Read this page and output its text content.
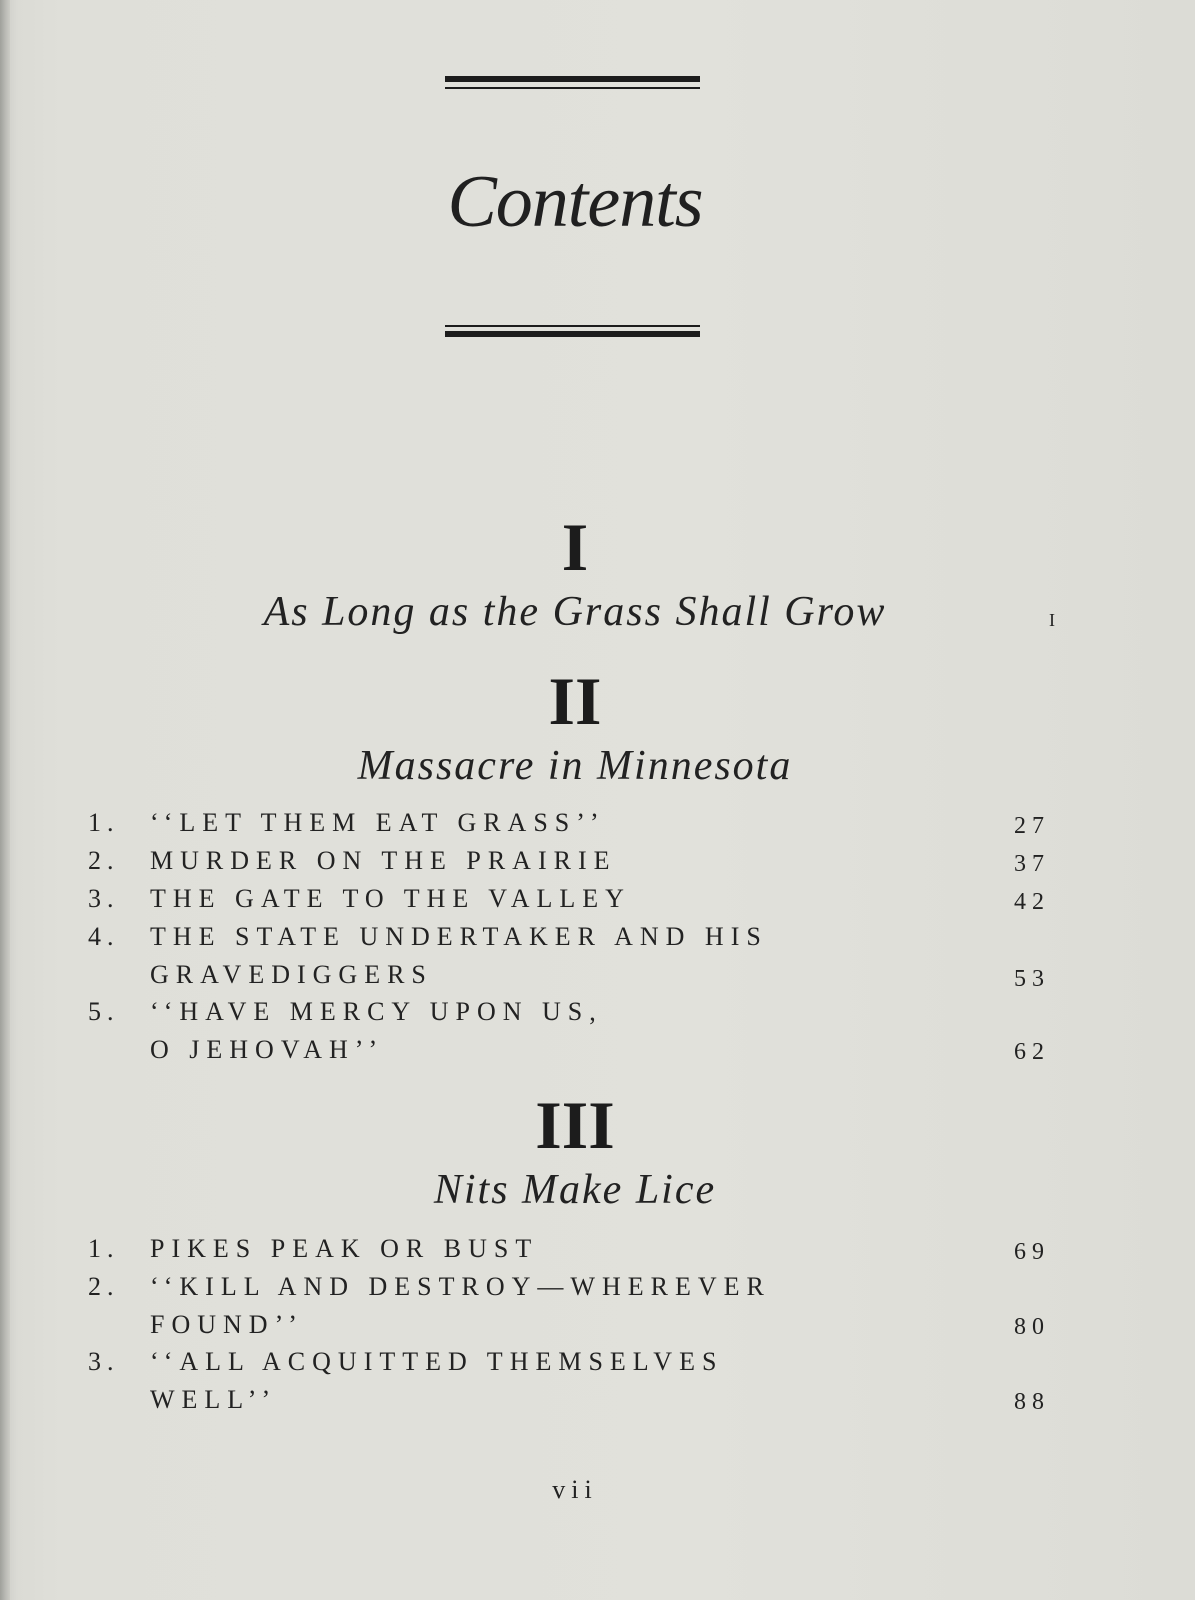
Contents
I
As Long as the Grass Shall Grow	I
II
Massacre in Minnesota
1. ‘‘LET THEM EAT GRASS’’	27
2. MURDER ON THE PRAIRIE	37
3. THE GATE TO THE VALLEY	42
4. THE STATE UNDERTAKER AND HIS
GRAVEDIGGERS	53
5. ‘‘HAVE MERCY UPON US,
O JEHOVAH’’	62
III
Nits Make Lice
1. PIKES PEAK OR BUST	69
2. ‘‘KILL AND DESTROY—WHEREVER
FOUND’’	80
3. ‘‘ALL ACQUITTED THEMSELVES
WELL’’	88
vii
